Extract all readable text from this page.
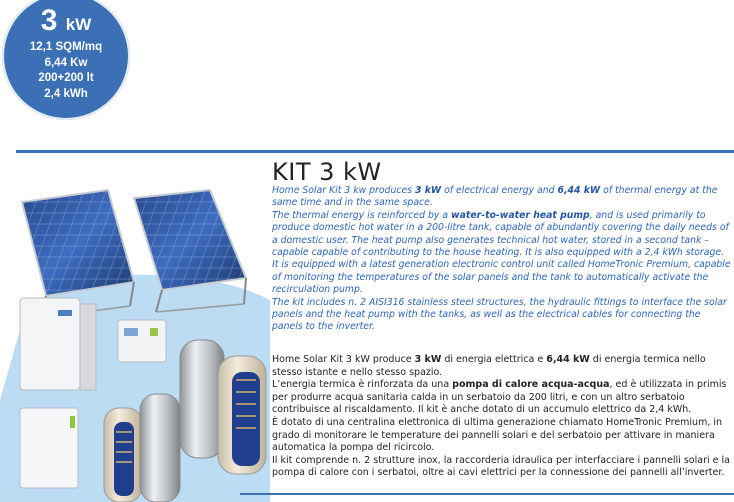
3 kW
12,1 SQM/mq
6,44 Kw
200+200 lt
2,4 kWh
KIT 3 kW

Home Solar Kit 3 kw produces 3 kW of electrical energy and 6,44 kW of thermal energy at the same time and in the same space.

The thermal energy is reinforced by a water-to-water heat pump, and is used primarily to produce domestic hot water in a 200-litre tank, capable of abundantly covering the daily needs of a domestic user. The heat pump also generates technical hot water, stored in a second tank – capable capable of contributing to the house heating. It is also equipped with a 2,4 kWh storage.

It is equipped with a latest generation electronic control unit called HomeTronic Premium, capable of monitoring the temperatures of the solar panels and the tank to automatically activate the recirculation pump.

The kit includes n. 2 AISI316 stainless steel structures, the hydraulic fittings to interface the solar panels and the heat pump with the tanks, as well as the electrical cables for connecting the panels to the inverter.

Home Solar Kit 3 kW produce 3 kW di energia elettrica e 6,44 kW di energia termica nello stesso istante e nello stesso spazio.

L’energia termica è rinforzata da una pompa di calore acqua-acqua, ed è utilizzata in primis per produrre acqua sanitaria calda in un serbatoio da 200 litri, e con un altro serbatoio contribuisce al riscaldamento. Il kit è anche dotato di un accumulo elettrico da 2,4 kWh.

È dotato di una centralina elettronica di ultima generazione chiamato HomeTronic Premium, in grado di monitorare le temperature dei pannelli solari e del serbatoio per attivare in maniera automatica la pompa del ricircolo.

Il kit comprende n. 2 strutture inox, la raccorderia idraulica per interfacciare i pannelli solari e la pompa di calore con i serbatoi, oltre ai cavi elettrici per la connessione dei pannelli all’inverter.
